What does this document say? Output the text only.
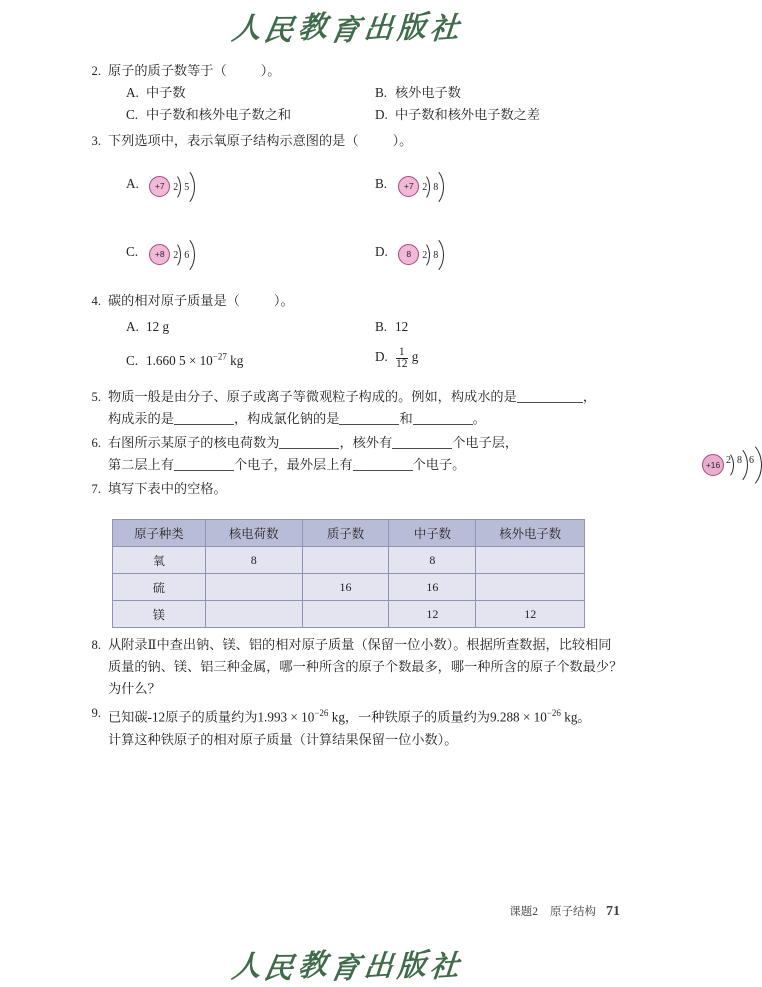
人民教育出版社
2. 原子的质子数等于（	）。
A. 中子数	B. 核外电子数
C. 中子数和核外电子数之和	D. 中子数和核外电子数之差
3. 下列选项中，表示氧原子结构示意图的是（	）。
A.	+7 2 5	B.	+7 2 8
C.	+8 2 6	D.	8	2 8
4. 碳的相对原子质量是（	）。
A. 12 g	B. 12
C. 1.660 $5 \times 10^{-27}$ kg	D. $\frac{1}{12}$ g
5. 物质一般是由分子、原子或离子等微观粒子构成的。例如，构成水的是	，
构成汞的是	，构成氯化钠的是	和	。
6. 右图所示某原子的核电荷数为	，核外有	个电子层，
第二层上有	个电子，最外层上有	个电子。
7. 填写下表中的空格。
8. 从附录Ⅱ中查出钠、镁、铝的相对原子质量（保留一位小数）。根据所查数据，比较相同质量的钠、镁、铝三种金属，哪一种所含的原子个数最多，哪一种所含的原子个数最少？为什么？
9. 已知碳-12原子的质量约为$1.993 \times 10^{-26}$ kg，一种铁原子的质量约为$9.288 \times 10^{-26}$ kg。
计算这种铁原子的相对原子质量（计算结果保留一位小数）。
+16 2 8 6
原子种类	核电荷数	质子数	中子数	核外电子数
氧	8		8	
硫		16	16	
镁			12	12
课题2 原子结构 71
人民教育出版社
